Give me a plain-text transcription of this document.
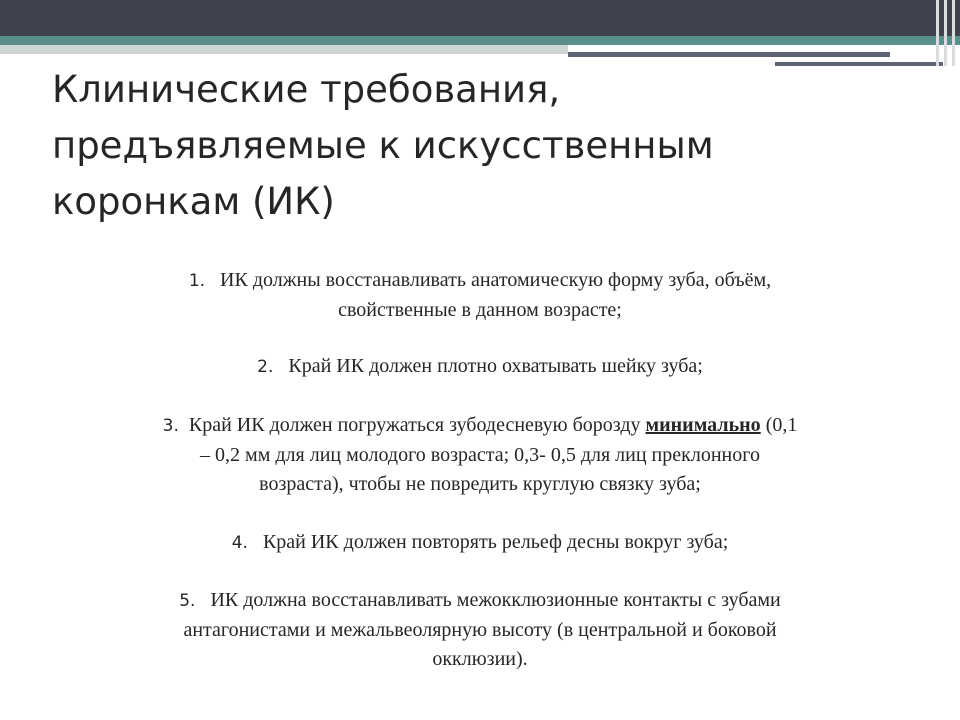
Клинические требования,
предъявляемые к искусственным
коронкам (ИК)
1. ИК должны восстанавливать анатомическую форму зуба, объём,
свойственные в данном возрасте;
2. Край ИК должен плотно охватывать шейку зуба;
3. Край ИК должен погружаться зубодесневую борозду минимально (0,1
– 0,2 мм для лиц молодого возраста; 0,3- 0,5 для лиц преклонного
возраста), чтобы не повредить круглую связку зуба;
4. Край ИК должен повторять рельеф десны вокруг зуба;
5. ИК должна восстанавливать межокклюзионные контакты с зубами
антагонистами и межальвеолярную высоту (в центральной и боковой
окклюзии).
